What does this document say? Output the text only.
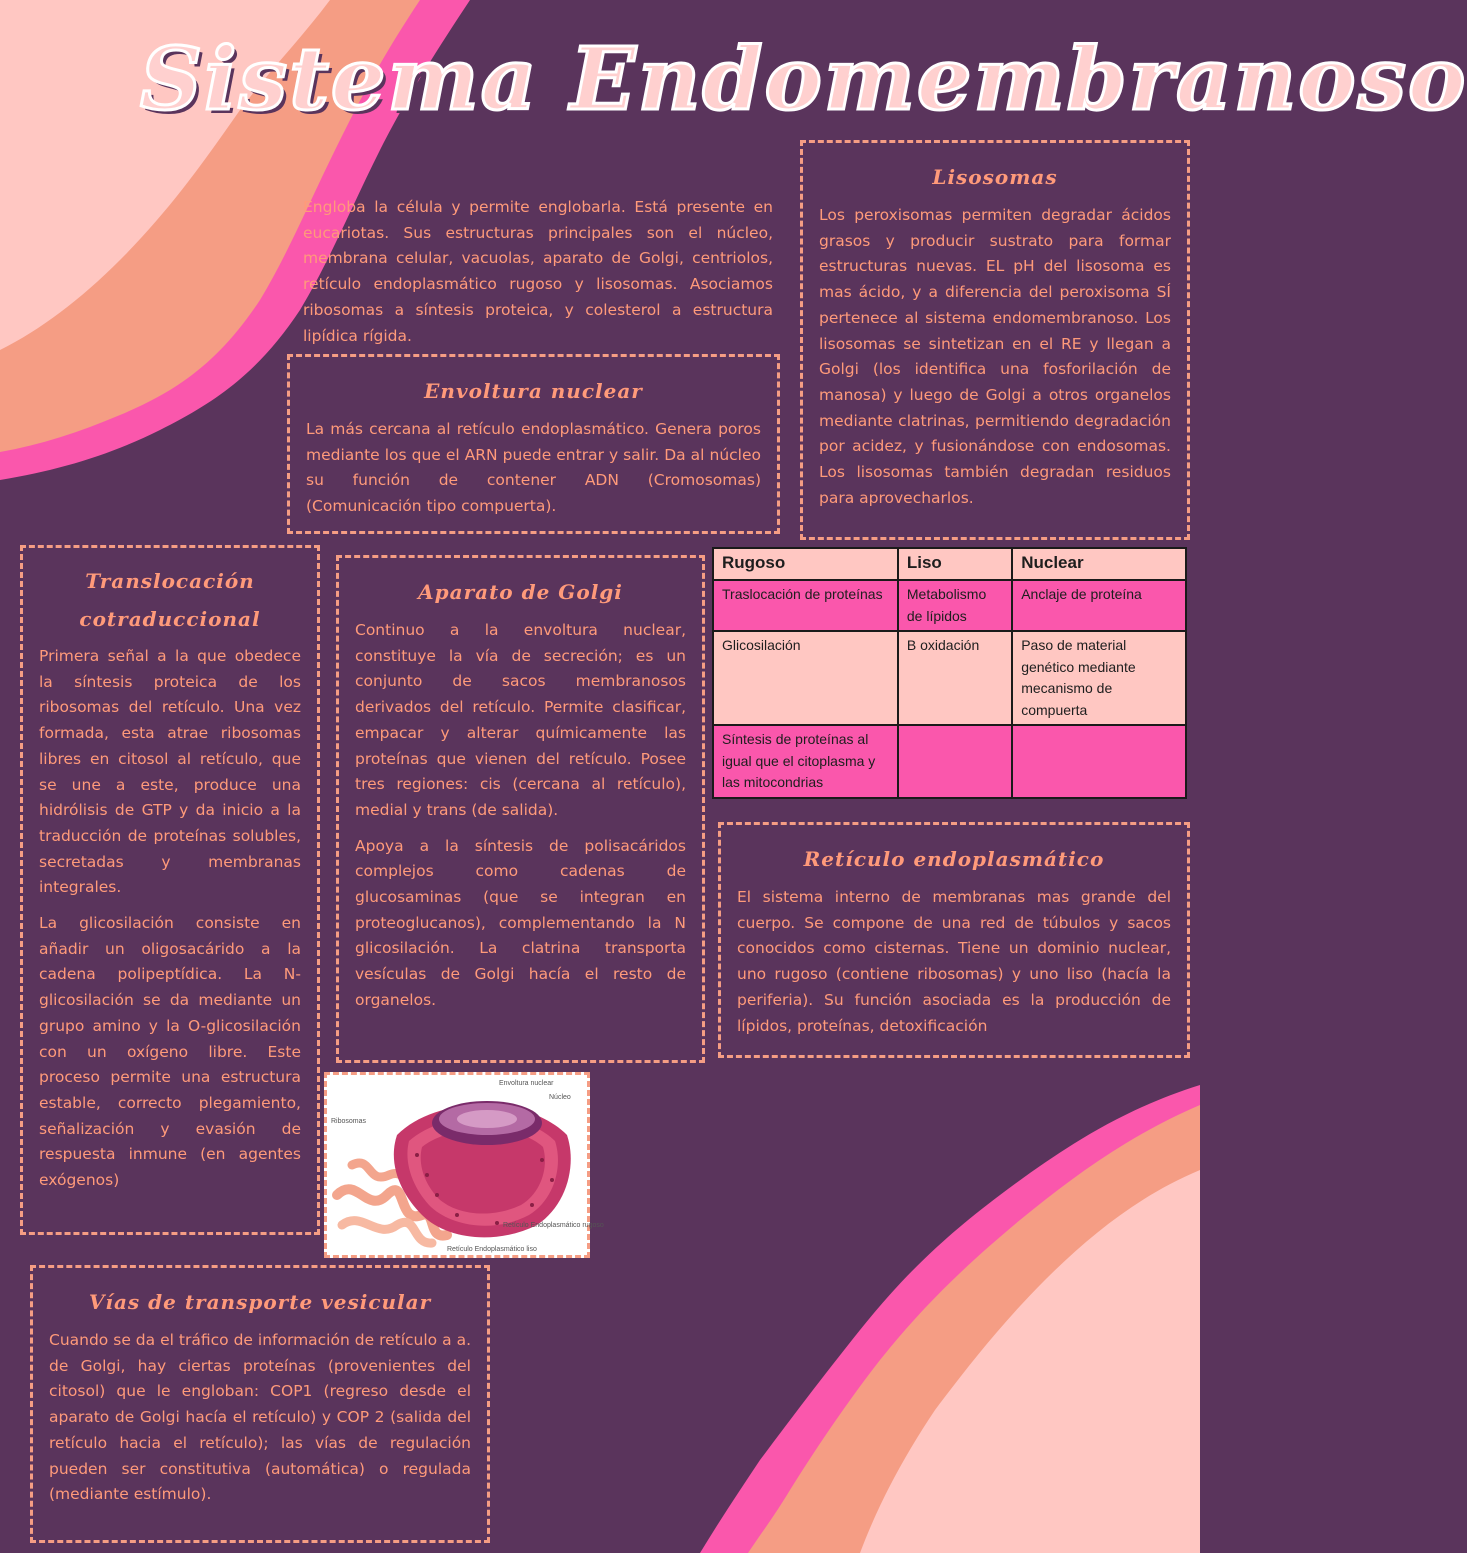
Sistema Endomembranoso
Engloba la célula y permite englobarla. Está presente en eucariotas. Sus estructuras principales son el núcleo, membrana celular, vacuolas, aparato de Golgi, centriolos, retículo endoplasmático rugoso y lisosomas. Asociamos ribosomas a síntesis proteica, y colesterol a estructura lipídica rígida.
Lisosomas

Los peroxisomas permiten degradar ácidos grasos y producir sustrato para formar estructuras nuevas. EL pH del lisosoma es mas ácido, y a diferencia del peroxisoma SÍ pertenece al sistema endomembranoso. Los lisosomas se sintetizan en el RE y llegan a Golgi (los identifica una fosforilación de manosa) y luego de Golgi a otros organelos mediante clatrinas, permitiendo degradación por acidez, y fusionándose con endosomas. Los lisosomas también degradan residuos para aprovecharlos.

Envoltura nuclear

La más cercana al retículo endoplasmático. Genera poros mediante los que el ARN puede entrar y salir. Da al núcleo su función de contener ADN (Cromosomas) (Comunicación tipo compuerta).

Translocación
cotraduccional

Primera señal a la que obedece la síntesis proteica de los ribosomas del retículo. Una vez formada, esta atrae ribosomas libres en citosol al retículo, que se une a este, produce una hidrólisis de GTP y da inicio a la traducción de proteínas solubles, secretadas y membranas integrales.

La glicosilación consiste en añadir un oligosacárido a la cadena polipeptídica. La N-glicosilación se da mediante un grupo amino y la O-glicosilación con un oxígeno libre. Este proceso permite una estructura estable, correcto plegamiento, señalización y evasión de respuesta inmune (en agentes exógenos)

Aparato de Golgi

Continuo a la envoltura nuclear, constituye la vía de secreción; es un conjunto de sacos membranosos derivados del retículo. Permite clasificar, empacar y alterar químicamente las proteínas que vienen del retículo. Posee tres regiones: cis (cercana al retículo), medial y trans (de salida).

Apoya a la síntesis de polisacáridos complejos como cadenas de glucosaminas (que se integran en proteoglucanos), complementando la N glicosilación. La clatrina transporta vesículas de Golgi hacía el resto de organelos.

Rugoso	Liso	Nuclear
Traslocación de proteínas	Metabolismo de lípidos	Anclaje de proteína
Glicosilación	B oxidación	Paso de material genético mediante mecanismo de compuerta
Síntesis de proteínas al igual que el citoplasma y las mitocondrias		
Retículo endoplasmático

El sistema interno de membranas mas grande del cuerpo. Se compone de una red de túbulos y sacos conocidos como cisternas. Tiene un dominio nuclear, uno rugoso (contiene ribosomas) y uno liso (hacía la periferia). Su función asociada es la producción de lípidos, proteínas, detoxificación

Envoltura nuclear
Núcleo
Ribosomas
Retículo Endoplasmático rugoso
Retículo Endoplasmático liso
Vías de transporte vesicular

Cuando se da el tráfico de información de retículo a a. de Golgi, hay ciertas proteínas (provenientes del citosol) que le engloban: COP1 (regreso desde el aparato de Golgi hacía el retículo) y COP 2 (salida del retículo hacia el retículo); las vías de regulación pueden ser constitutiva (automática) o regulada (mediante estímulo).
